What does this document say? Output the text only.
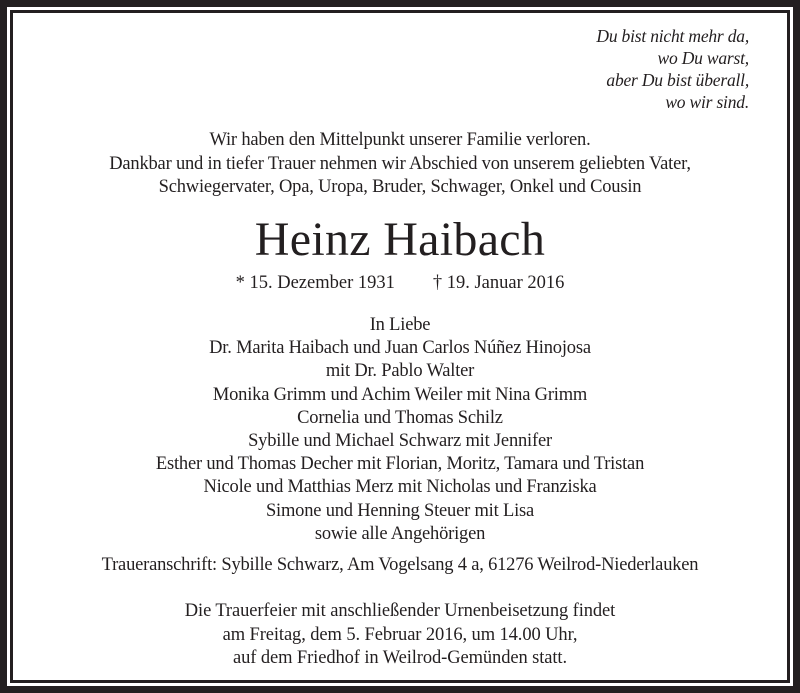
Du bist nicht mehr da,
wo Du warst,
aber Du bist überall,
wo wir sind.
Wir haben den Mittelpunkt unserer Familie verloren.
Dankbar und in tiefer Trauer nehmen wir Abschied von unserem geliebten Vater,
Schwiegervater, Opa, Uropa, Bruder, Schwager, Onkel und Cousin
Heinz Haibach
* 15. Dezember 1931 † 19. Januar 2016
In Liebe
Dr. Marita Haibach und Juan Carlos Núñez Hinojosa
mit Dr. Pablo Walter
Monika Grimm und Achim Weiler mit Nina Grimm
Cornelia und Thomas Schilz
Sybille und Michael Schwarz mit Jennifer
Esther und Thomas Decher mit Florian, Moritz, Tamara und Tristan
Nicole und Matthias Merz mit Nicholas und Franziska
Simone und Henning Steuer mit Lisa
sowie alle Angehörigen
Traueranschrift: Sybille Schwarz, Am Vogelsang 4 a, 61276 Weilrod-Niederlauken
Die Trauerfeier mit anschließender Urnenbeisetzung findet
am Freitag, dem 5. Februar 2016, um 14.00 Uhr,
auf dem Friedhof in Weilrod-Gemünden statt.
